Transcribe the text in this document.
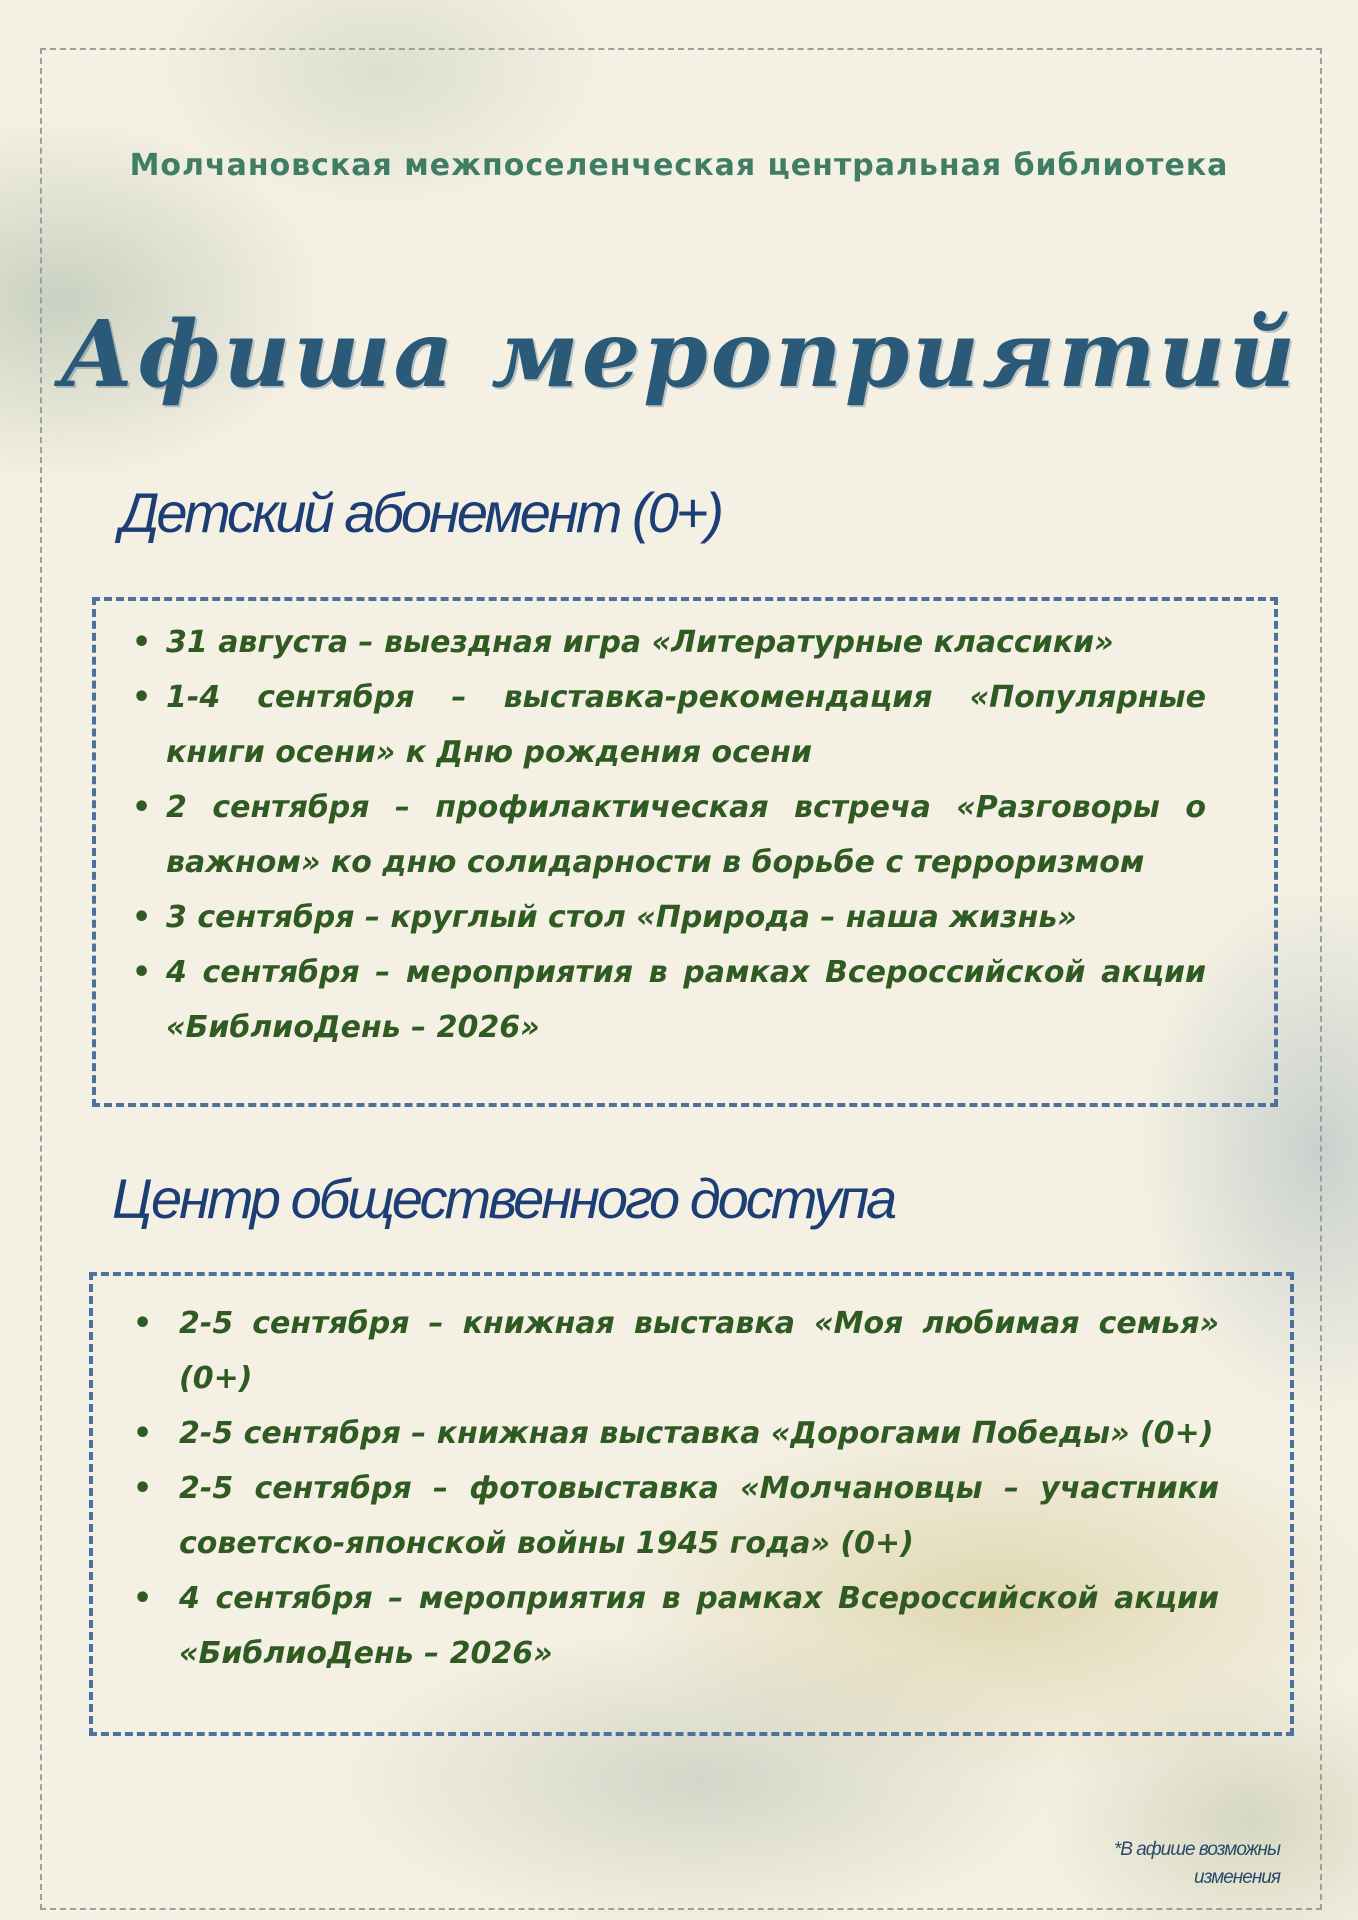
Молчановская межпоселенческая центральная библиотека
Афиша мероприятий
Детский абонемент (0+)
• 31 августа – выездная игра «Литературные классики»
• 1-4 сентября – выставка-рекомендация «Популярные книги осени» к Дню рождения осени
• 2 сентября – профилактическая встреча «Разговоры о важном» ко дню солидарности в борьбе с терроризмом
• 3 сентября – круглый стол «Природа – наша жизнь»
• 4 сентября – мероприятия в рамках Всероссийской акции «БиблиоДень – 2026»
Центр общественного доступа
• 2-5 сентября – книжная выставка «Моя любимая семья» (0+)
• 2-5 сентября – книжная выставка «Дорогами Победы» (0+)
• 2-5 сентября – фотовыставка «Молчановцы – участники советско-японской войны 1945 года» (0+)
• 4 сентября – мероприятия в рамках Всероссийской акции «БиблиоДень – 2026»
*В афише возможны изменения
